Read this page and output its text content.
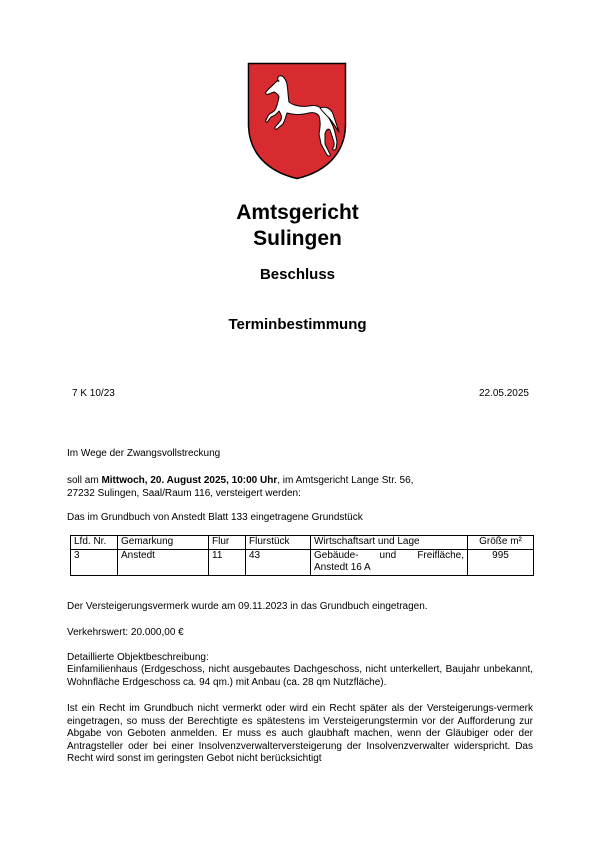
Amtsgericht
Sulingen
Beschluss
Terminbestimmung
7 K 10/23	22.05.2025
Im Wege der Zwangsvollstreckung
soll am Mittwoch, 20. August 2025, 10:00 Uhr, im Amtsgericht Lange Str. 56,
27232 Sulingen, Saal/Raum 116, versteigert werden:
Das im Grundbuch von Anstedt Blatt 133 eingetragene Grundstück
Lfd. Nr.	Gemarkung	Flur	Flurstück	Wirtschaftsart und Lage	Größe m²
3	Anstedt	11	43	Gebäude- und Freifläche,
Anstedt 16 A	995
Der Versteigerungsvermerk wurde am 09.11.2023 in das Grundbuch eingetragen.
Verkehrswert: 20.000,00 €
Detaillierte Objektbeschreibung:
Einfamilienhaus (Erdgeschoss, nicht ausgebautes Dachgeschoss, nicht unterkellert, Baujahr unbekannt, Wohnfläche Erdgeschoss ca. 94 qm.) mit Anbau (ca. 28 qm Nutzfläche).
Ist ein Recht im Grundbuch nicht vermerkt oder wird ein Recht später als der Versteigerungs-vermerk eingetragen, so muss der Berechtigte es spätestens im Versteigerungstermin vor der Aufforderung zur Abgabe von Geboten anmelden. Er muss es auch glaubhaft machen, wenn der Gläubiger oder der Antragsteller oder bei einer Insolvenzverwalterversteigerung der Insolvenzverwalter widerspricht. Das Recht wird sonst im geringsten Gebot nicht berücksichtigt
